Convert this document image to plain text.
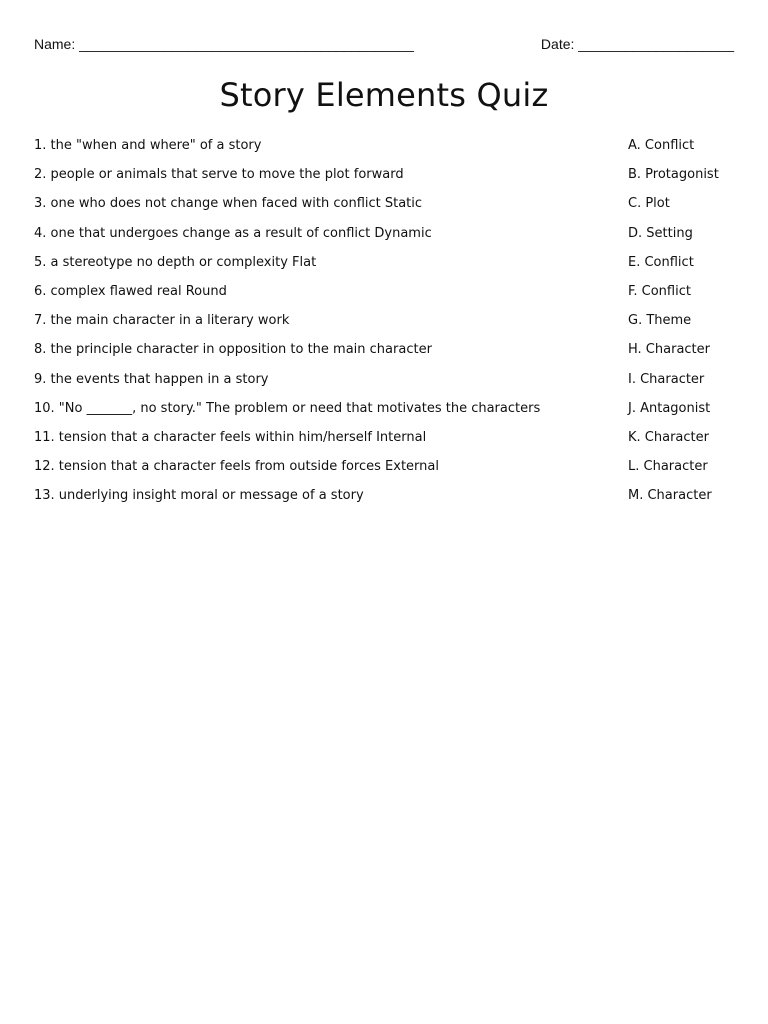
Name: ___________________________________________	Date: ____________________
Story Elements Quiz
1. the "when and where" of a story	A. Conflict
2. people or animals that serve to move the plot forward	B. Protagonist
3. one who does not change when faced with conflict Static	C. Plot
4. one that undergoes change as a result of conflict Dynamic	D. Setting
5. a stereotype no depth or complexity Flat	E. Conflict
6. complex flawed real Round	F. Conflict
7. the main character in a literary work	G. Theme
8. the principle character in opposition to the main character	H. Character
9. the events that happen in a story	I. Character
10. "No _______, no story." The problem or need that motivates the characters	J. Antagonist
11. tension that a character feels within him/herself Internal	K. Character
12. tension that a character feels from outside forces External	L. Character
13. underlying insight moral or message of a story	M. Character
